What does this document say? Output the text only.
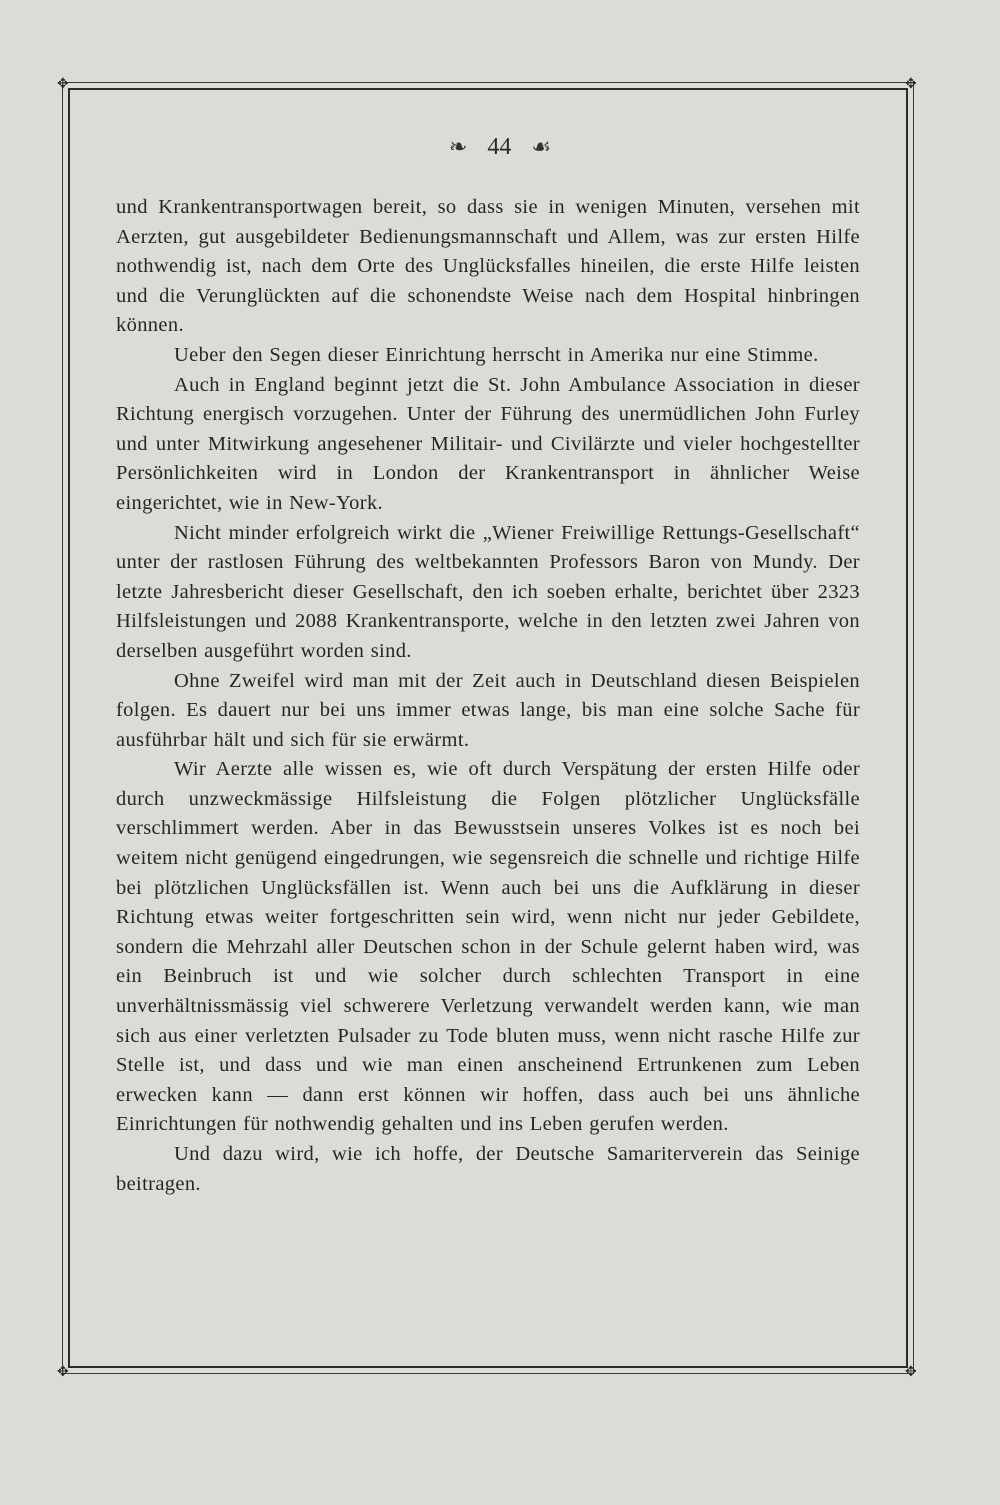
✥	✥
✥	✥
❧ 44 ☙

und Krankentransportwagen bereit, so dass sie in wenigen Minuten, versehen mit Aerzten, gut ausgebildeter Bedienungsmannschaft und Allem, was zur ersten Hilfe nothwendig ist, nach dem Orte des Unglücksfalles hineilen, die erste Hilfe leisten und die Verunglückten auf die schonendste Weise nach dem Hospital hinbringen können.

Ueber den Segen dieser Einrichtung herrscht in Amerika nur eine Stimme.

Auch in England beginnt jetzt die St. John Ambulance Association in dieser Richtung energisch vorzugehen. Unter der Führung des unermüdlichen John Furley und unter Mitwirkung angesehener Militair- und Civilärzte und vieler hochgestellter Persönlichkeiten wird in London der Krankentransport in ähnlicher Weise eingerichtet, wie in New-York.

Nicht minder erfolgreich wirkt die „Wiener Freiwillige Rettungs-Gesellschaft“ unter der rastlosen Führung des weltbekannten Professors Baron von Mundy. Der letzte Jahresbericht dieser Gesellschaft, den ich soeben erhalte, berichtet über 2323 Hilfsleistungen und 2088 Krankentransporte, welche in den letzten zwei Jahren von derselben ausgeführt worden sind.

Ohne Zweifel wird man mit der Zeit auch in Deutschland diesen Beispielen folgen. Es dauert nur bei uns immer etwas lange, bis man eine solche Sache für ausführbar hält und sich für sie erwärmt.

Wir Aerzte alle wissen es, wie oft durch Verspätung der ersten Hilfe oder durch unzweckmässige Hilfsleistung die Folgen plötzlicher Unglücksfälle verschlimmert werden. Aber in das Bewusstsein unseres Volkes ist es noch bei weitem nicht genügend eingedrungen, wie segensreich die schnelle und richtige Hilfe bei plötzlichen Unglücksfällen ist. Wenn auch bei uns die Aufklärung in dieser Richtung etwas weiter fortgeschritten sein wird, wenn nicht nur jeder Gebildete, sondern die Mehrzahl aller Deutschen schon in der Schule gelernt haben wird, was ein Beinbruch ist und wie solcher durch schlechten Transport in eine unverhältnissmässig viel schwerere Verletzung verwandelt werden kann, wie man sich aus einer verletzten Pulsader zu Tode bluten muss, wenn nicht rasche Hilfe zur Stelle ist, und dass und wie man einen anscheinend Ertrunkenen zum Leben erwecken kann — dann erst können wir hoffen, dass auch bei uns ähnliche Einrichtungen für nothwendig gehalten und ins Leben gerufen werden.

Und dazu wird, wie ich hoffe, der Deutsche Samariterverein das Seinige beitragen.
